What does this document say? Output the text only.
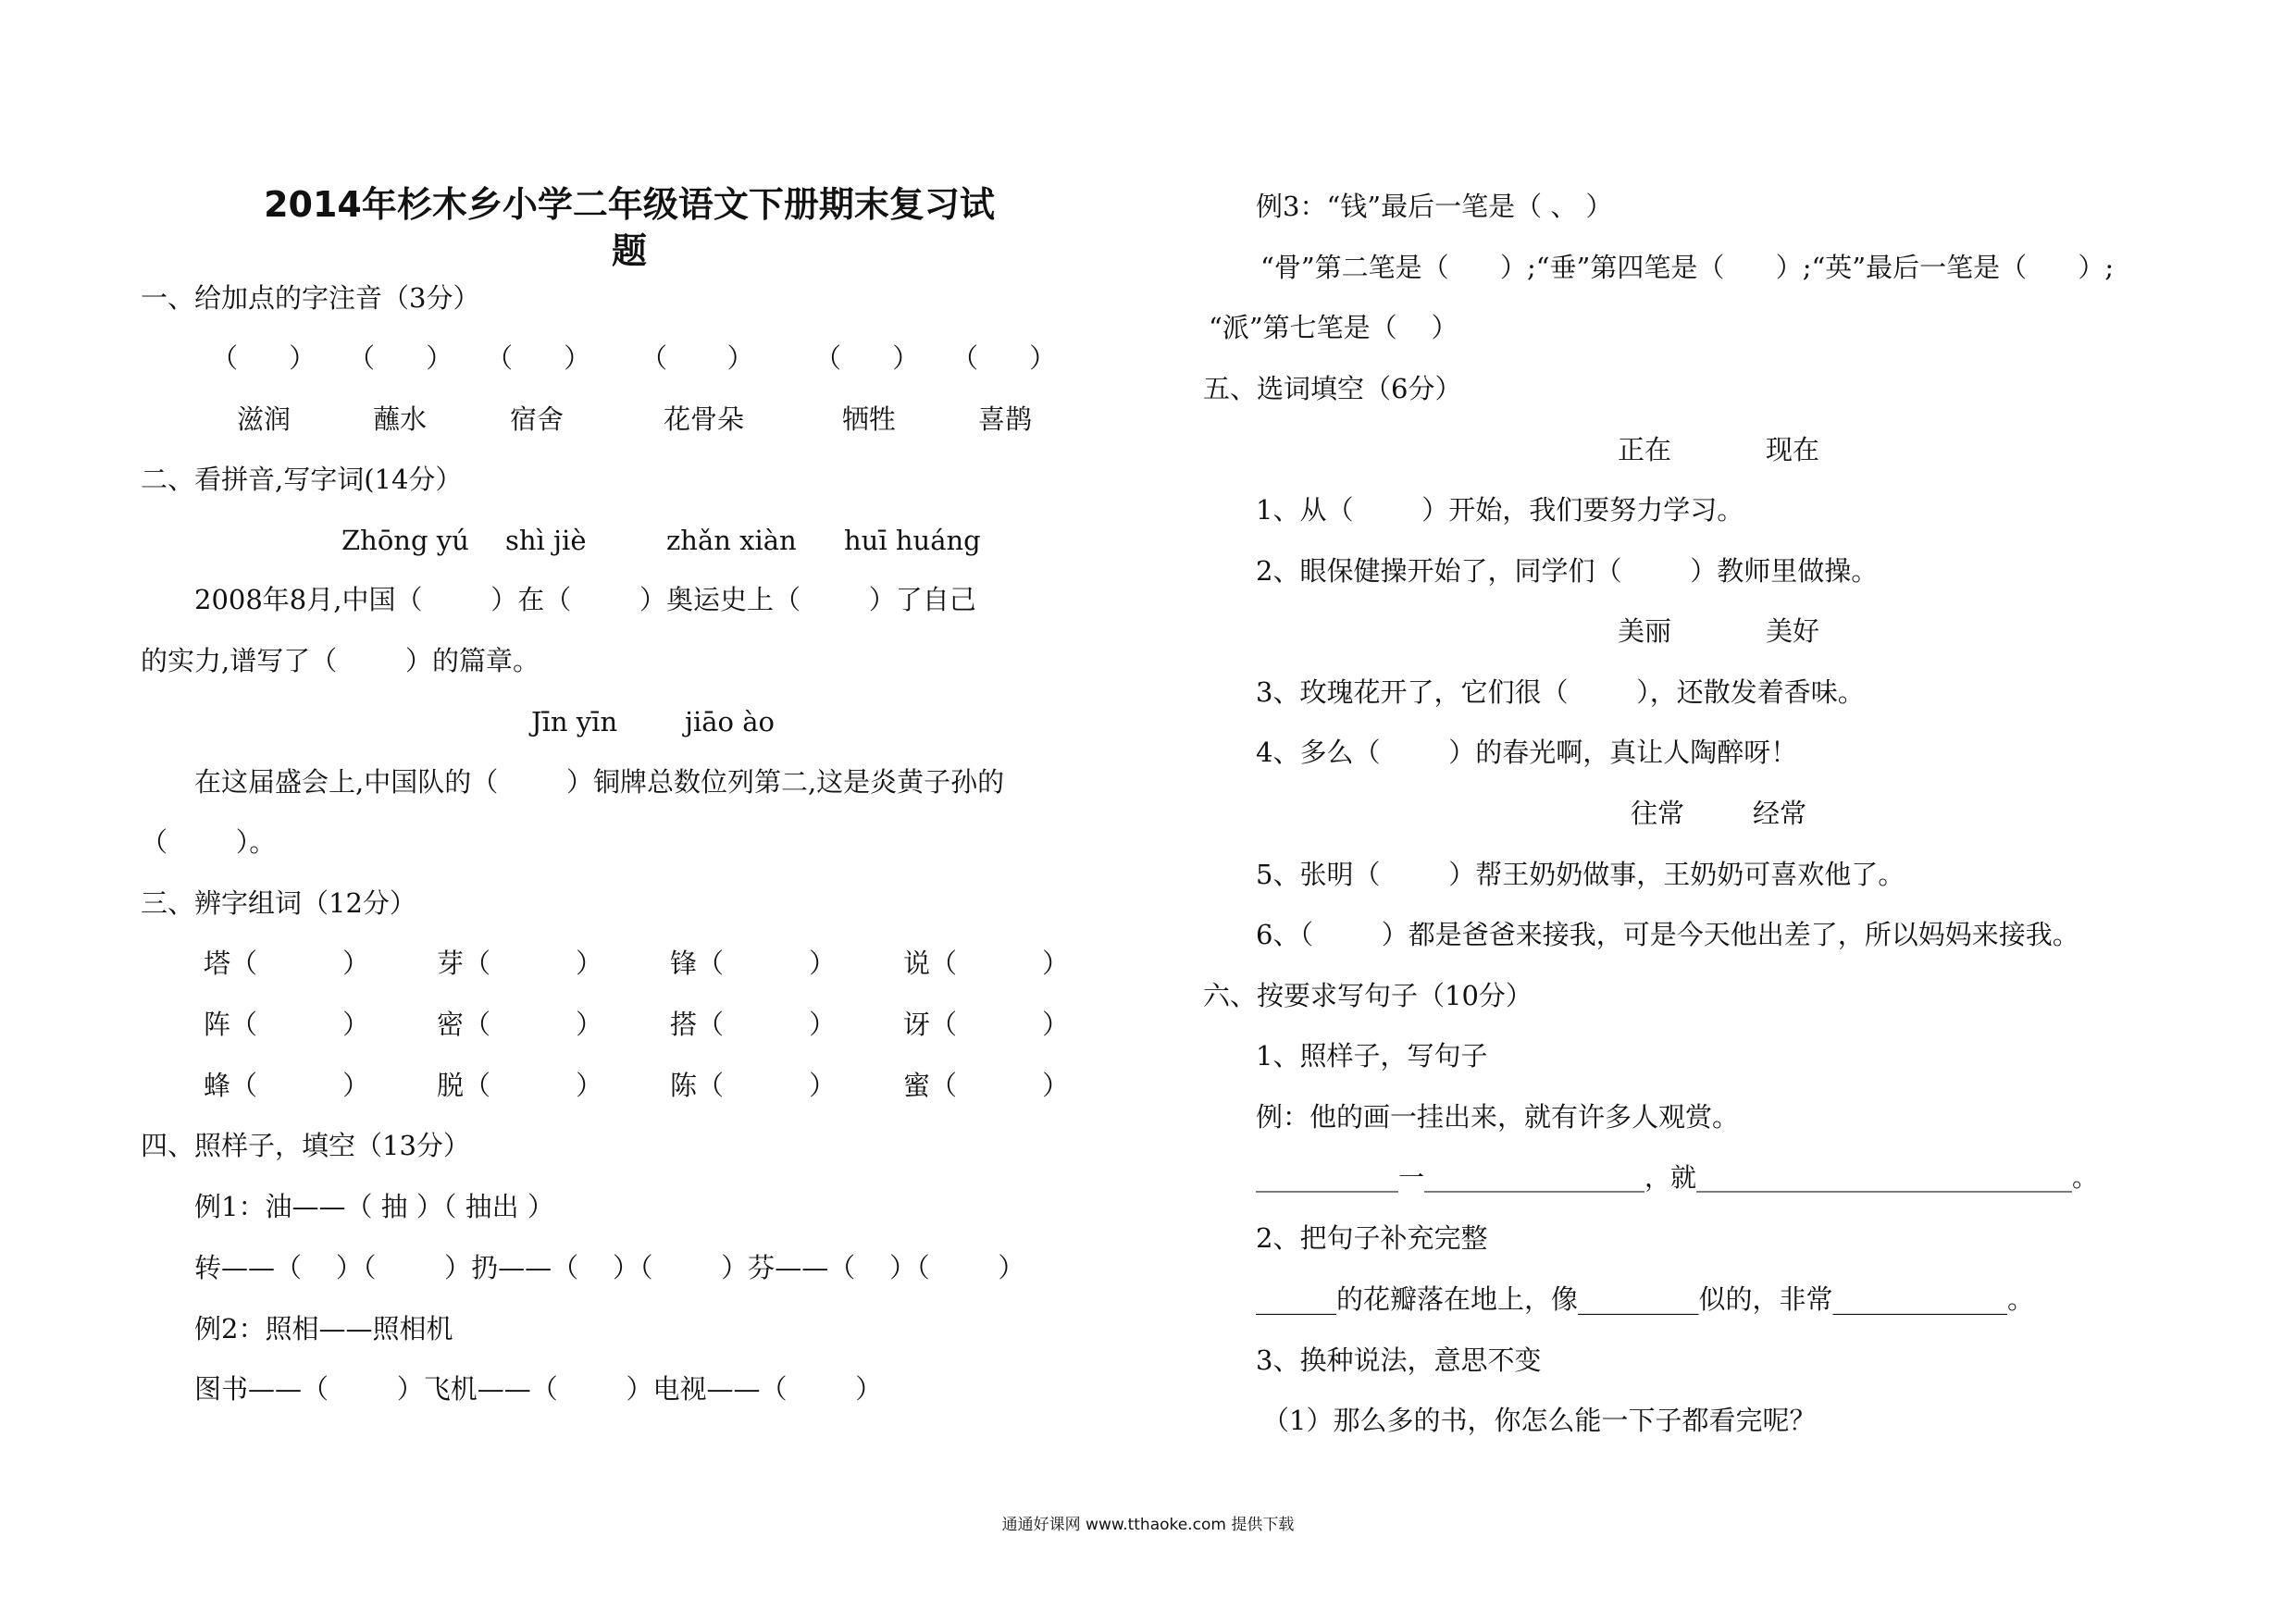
2014年杉木乡小学二年级语文下册期末复习试题
一、给加点的字注音（3分）
（      ） （      ） （      ） （       ） （      ） （      ）
滋润	蘸水	宿舍	花骨朵	牺牲	喜鹊
二、看拼音,写字词(14分）
Zhōng yú shì jiè	zhǎn xiàn huī huáng
2008年8月,中国（        ）在（        ）奥运史上（        ）了自己
的实力,谱写了（        ）的篇章。
Jīn yīn	jiāo ào
在这届盛会上,中国队的（        ）铜牌总数位列第二,这是炎黄子孙的
（        ）。
三、辨字组词（12分）
塔（          ）	芽（          ）	锋（          ）	说（          ）
阵（          ）	密（          ）	搭（          ）	讶（          ）
蜂（          ）	脱（          ）	陈（          ）	蜜（          ）
四、照样子，填空（13分）
例1：油——（ 抽 ）（ 抽出 ）
转——（    ）（        ）扔——（    ）（        ）芬——（    ）（        ）
例2：照相——照相机
图书——（        ）飞机——（        ）电视——（        ）
例3：“钱”最后一笔是（ 、 ）
“骨”第二笔是（      ）;“垂”第四笔是（      ）;“英”最后一笔是（      ）;
“派”第七笔是（    ）
五、选词填空（6分）
正在	现在
1、从（        ）开始，我们要努力学习。
2、眼保健操开始了，同学们（        ）教师里做操。
美丽	美好
3、玫瑰花开了，它们很（        ），还散发着香味。
4、多么（        ）的春光啊，真让人陶醉呀！
往常	经常
5、张明（        ）帮王奶奶做事，王奶奶可喜欢他了。
6、（        ）都是爸爸来接我，可是今天他出差了，所以妈妈来接我。
六、按要求写句子（10分）
1、照样子，写句子
例：他的画一挂出来，就有许多人观赏。
___________一_________________，就_____________________________。
2、把句子补充完整
______的花瓣落在地上，像_________似的，非常_____________。
3、换种说法，意思不变
（1）那么多的书，你怎么能一下子都看完呢？
通通好课网 www.tthaoke.com 提供下载
